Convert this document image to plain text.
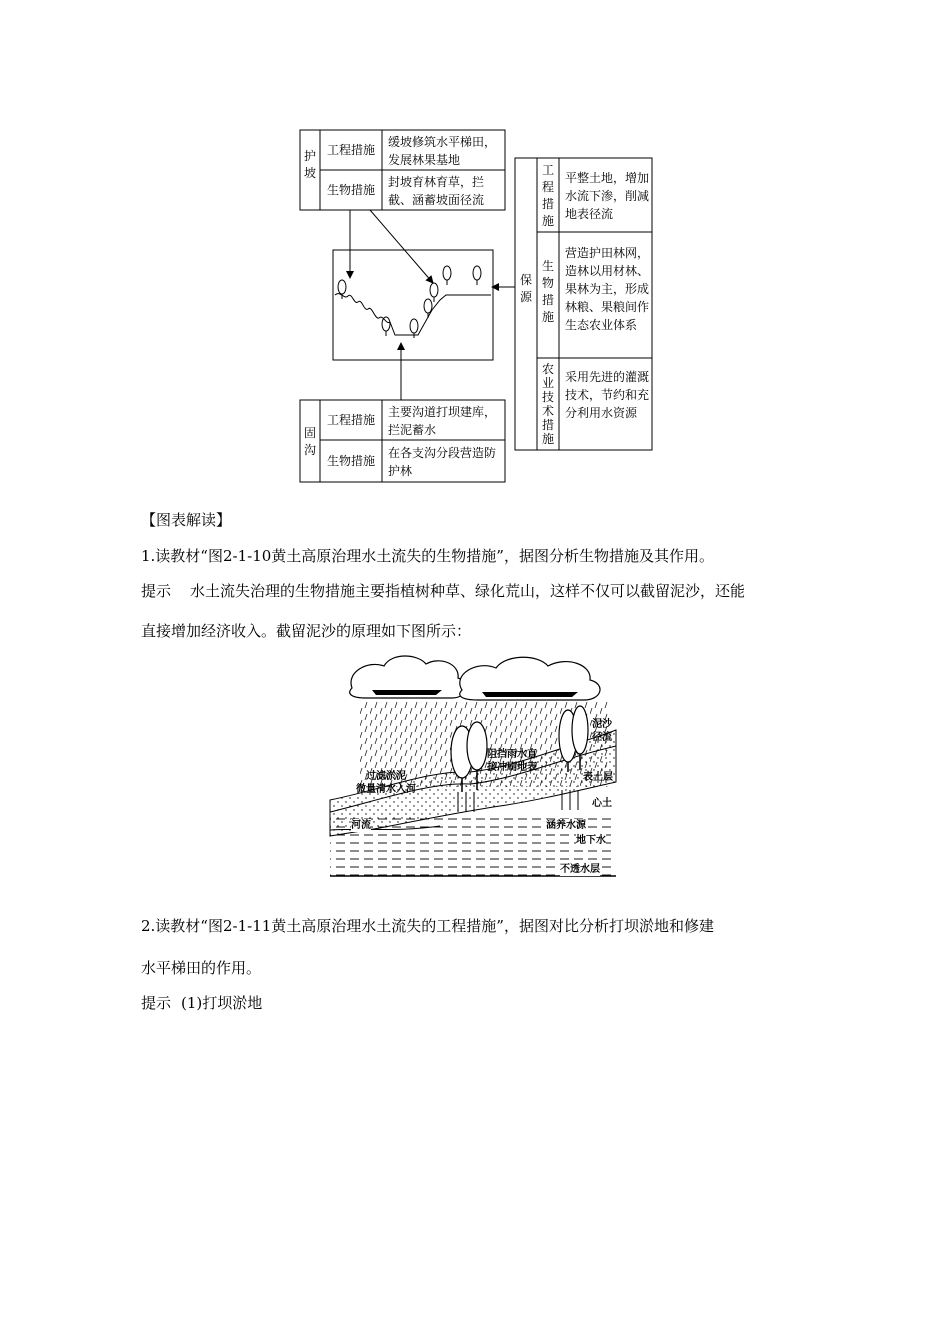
护坡
工程措施
缓坡修筑水平梯田，发展林果基地
生物措施
封坡育林育草，拦截、涵蓄坡面径流
保源
工程措施
平整土地，增加水流下渗，削减地表径流
生物措施
营造护田林网，造林以用材林、果林为主，形成林粮、果粮间作生态农业体系
农业技术措施
采用先进的灌溉技术，节约和充分利用水资源
固沟
工程措施
主要沟道打坝建库，拦泥蓄水
生物措施
在各支沟分段营造防护林
【图表解读】
1.读教材“图2-1-10黄土高原治理水土流失的生物措施”，据图分析生物措施及其作用。
提示 水土流失治理的生物措施主要指植树种草、绿化荒山，这样不仅可以截留泥沙，还能
直接增加经济收入。截留泥沙的原理如下图所示：
泥沙
径流
阻挡雨水直
接冲刷地表
过滤淤泥
微量清水入河
表土层
心土
涵养水源
河流
地下水
不透水层
2.读教材“图2-1-11黄土高原治理水土流失的工程措施”，据图对比分析打坝淤地和修建
水平梯田的作用。
提示 (1)打坝淤地
